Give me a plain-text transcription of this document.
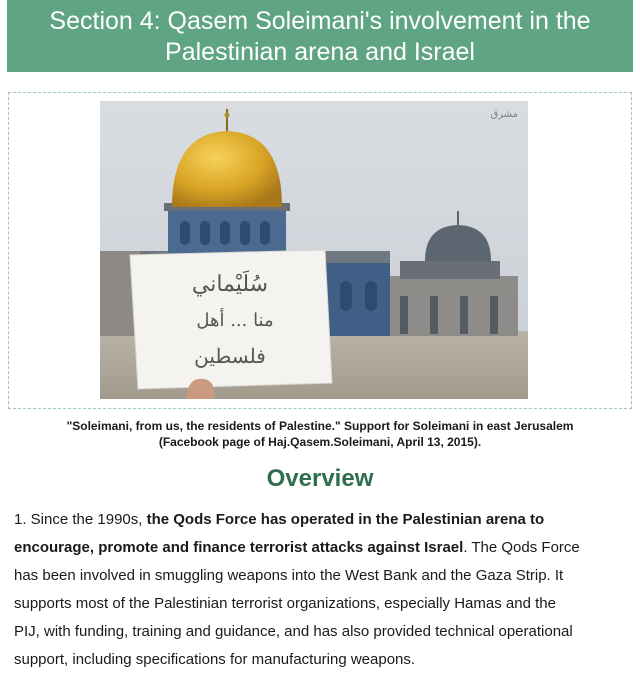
Section 4: Qasem Soleimani's involvement in the
Palestinian arena and Israel
سُلَيْماني
منا ... أهل
فلسطين
مشرق
"Soleimani, from us, the residents of Palestine." Support for Soleimani in east Jerusalem
(Facebook page of Haj.Qasem.Soleimani, April 13, 2015).
Overview
1. Since the 1990s, the Qods Force has operated in the Palestinian arena to
encourage, promote and finance terrorist attacks against Israel. The Qods Force
has been involved in smuggling weapons into the West Bank and the Gaza Strip. It
supports most of the Palestinian terrorist organizations, especially Hamas and the
PIJ, with funding, training and guidance, and has also provided technical operational
support, including specifications for manufacturing weapons.
